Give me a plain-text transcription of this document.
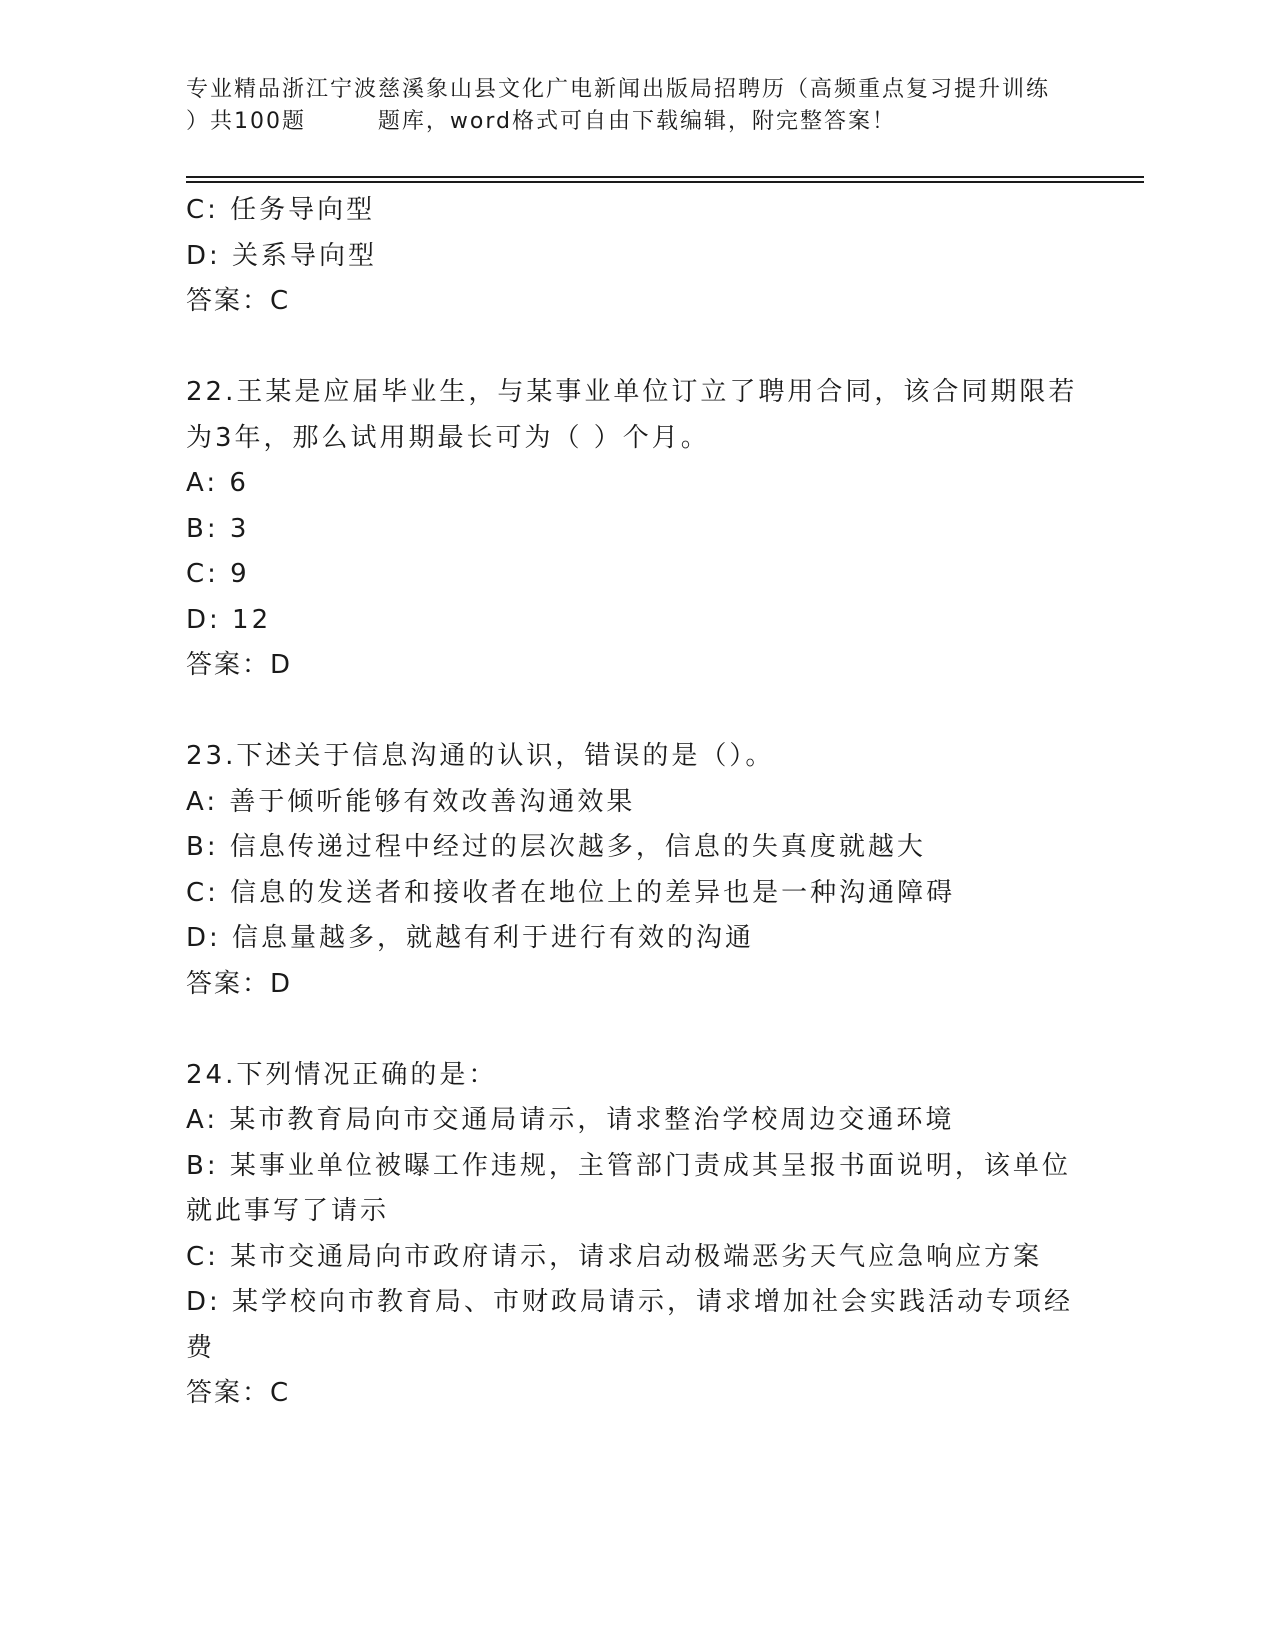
专业精品浙江宁波慈溪象山县文化广电新闻出版局招聘历（高频重点复习提升训练
）共100题        题库，word格式可自由下载编辑，附完整答案！
C: 任务导向型
D: 关系导向型
答案：C
22.王某是应届毕业生，与某事业单位订立了聘用合同，该合同期限若
为3年，那么试用期最长可为（ ）个月。
A: 6
B: 3
C: 9
D: 12
答案：D
23.下述关于信息沟通的认识，错误的是（）。
A: 善于倾听能够有效改善沟通效果
B: 信息传递过程中经过的层次越多，信息的失真度就越大
C: 信息的发送者和接收者在地位上的差异也是一种沟通障碍
D: 信息量越多，就越有利于进行有效的沟通
答案：D
24.下列情况正确的是：
A: 某市教育局向市交通局请示，请求整治学校周边交通环境
B: 某事业单位被曝工作违规，主管部门责成其呈报书面说明，该单位
就此事写了请示
C: 某市交通局向市政府请示，请求启动极端恶劣天气应急响应方案
D: 某学校向市教育局、市财政局请示，请求增加社会实践活动专项经
费
答案：C
